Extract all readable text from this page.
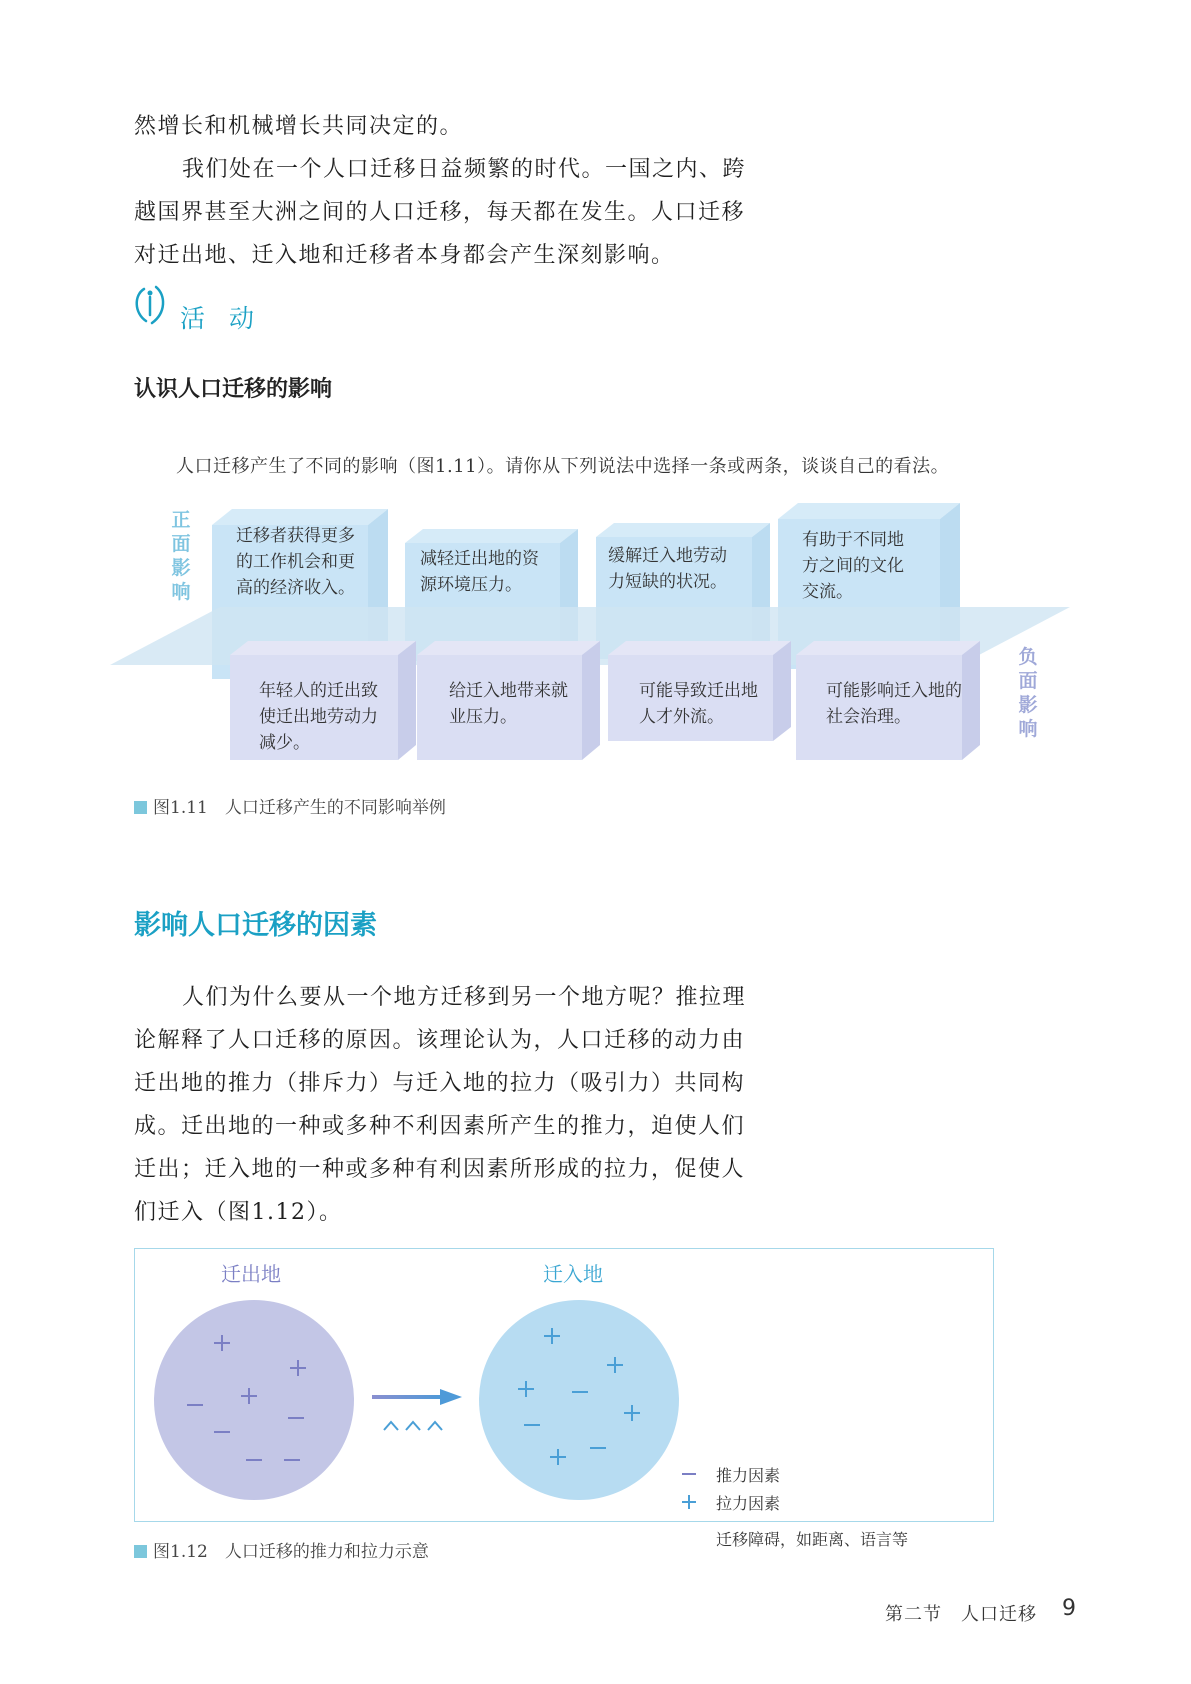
然增长和机械增长共同决定的。

我们处在一个人口迁移日益频繁的时代。一国之内、跨越国界甚至大洲之间的人口迁移，每天都在发生。人口迁移对迁出地、迁入地和迁移者本身都会产生深刻影响。

活 动
认识人口迁移的影响
人口迁移产生了不同的影响（图1.11）。请你从下列说法中选择一条或两条，谈谈自己的看法。
正面影响
负面影响
迁移者获得更多的工作机会和更高的经济收入。
减轻迁出地的资源环境压力。
缓解迁入地劳动力短缺的状况。
有助于不同地方之间的文化交流。
年轻人的迁出致使迁出地劳动力减少。
给迁入地带来就业压力。
可能导致迁出地人才外流。
可能影响迁入地的社会治理。
图1.11　人口迁移产生的不同影响举例
影响人口迁移的因素

人们为什么要从一个地方迁移到另一个地方呢？推拉理论解释了人口迁移的原因。该理论认为，人口迁移的动力由迁出地的推力（排斥力）与迁入地的拉力（吸引力）共同构成。迁出地的一种或多种不利因素所产生的推力，迫使人们迁出；迁入地的一种或多种有利因素所形成的拉力，促使人们迁入（图1.12）。

迁出地	迁入地
推力因素
拉力因素
迁移障碍，如距离、语言等
图1.12　人口迁移的推力和拉力示意
第二节　人口迁移 9
